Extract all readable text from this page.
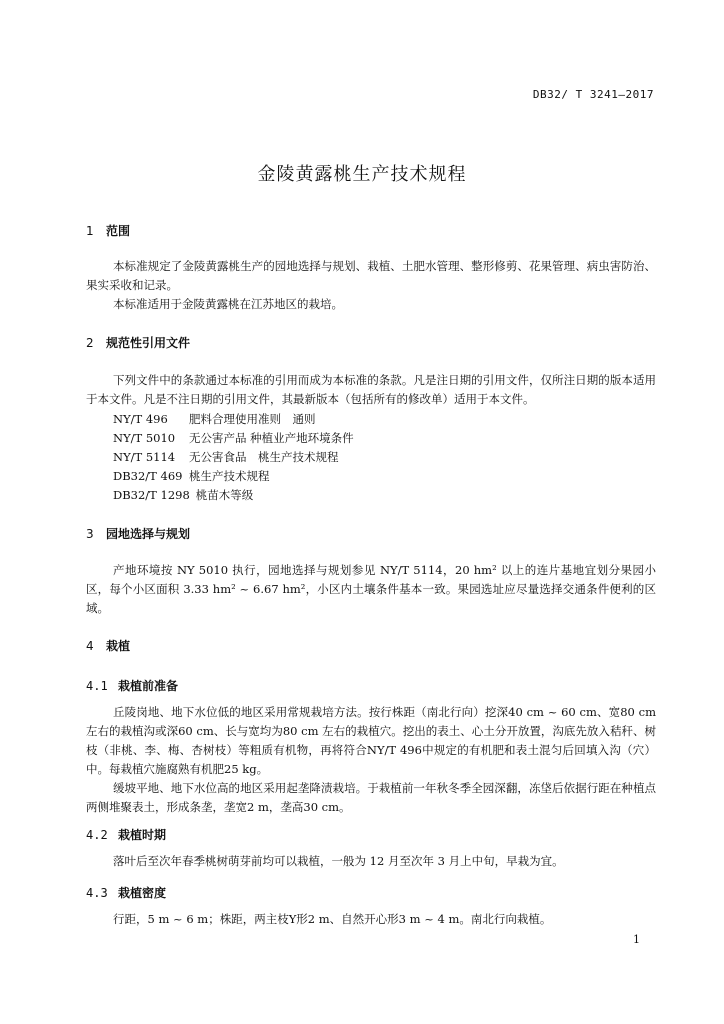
DB32/ T 3241—2017
金陵黄露桃生产技术规程
1 范围
本标准规定了金陵黄露桃生产的园地选择与规划、栽植、土肥水管理、整形修剪、花果管理、病虫害防治、果实采收和记录。
本标准适用于金陵黄露桃在江苏地区的栽培。
2 规范性引用文件
下列文件中的条款通过本标准的引用而成为本标准的条款。凡是注日期的引用文件，仅所注日期的版本适用于本文件。凡是不注日期的引用文件，其最新版本（包括所有的修改单）适用于本文件。
NY/T 496 肥料合理使用准则　通则
NY/T 5010 无公害产品 种植业产地环境条件
NY/T 5114 无公害食品　桃生产技术规程
DB32/T 469 桃生产技术规程
DB32/T 1298 桃苗木等级
3 园地选择与规划
产地环境按 NY 5010 执行，园地选择与规划参见 NY/T 5114，20 hm² 以上的连片基地宜划分果园小区，每个小区面积 3.33 hm² ~ 6.67 hm²，小区内土壤条件基本一致。果园选址应尽量选择交通条件便利的区域。
4 栽植
4.1 栽植前准备
丘陵岗地、地下水位低的地区采用常规栽培方法。按行株距（南北行向）挖深40 cm ~ 60 cm、宽80 cm左右的栽植沟或深60 cm、长与宽均为80 cm 左右的栽植穴。挖出的表土、心土分开放置，沟底先放入秸秆、树枝（非桃、李、梅、杏树枝）等粗质有机物，再将符合NY/T 496中规定的有机肥和表土混匀后回填入沟（穴）中。每栽植穴施腐熟有机肥25 kg。
缓坡平地、地下水位高的地区采用起垄降渍栽培。于栽植前一年秋冬季全园深翻，冻垡后依据行距在种植点两侧堆聚表土，形成条垄，垄宽2 m，垄高30 cm。
4.2 栽植时期
落叶后至次年春季桃树萌芽前均可以栽植，一般为 12 月至次年 3 月上中旬，早栽为宜。
4.3 栽植密度
行距，5 m ~ 6 m；株距，两主枝Y形2 m、自然开心形3 m ~ 4 m。南北行向栽植。
1
